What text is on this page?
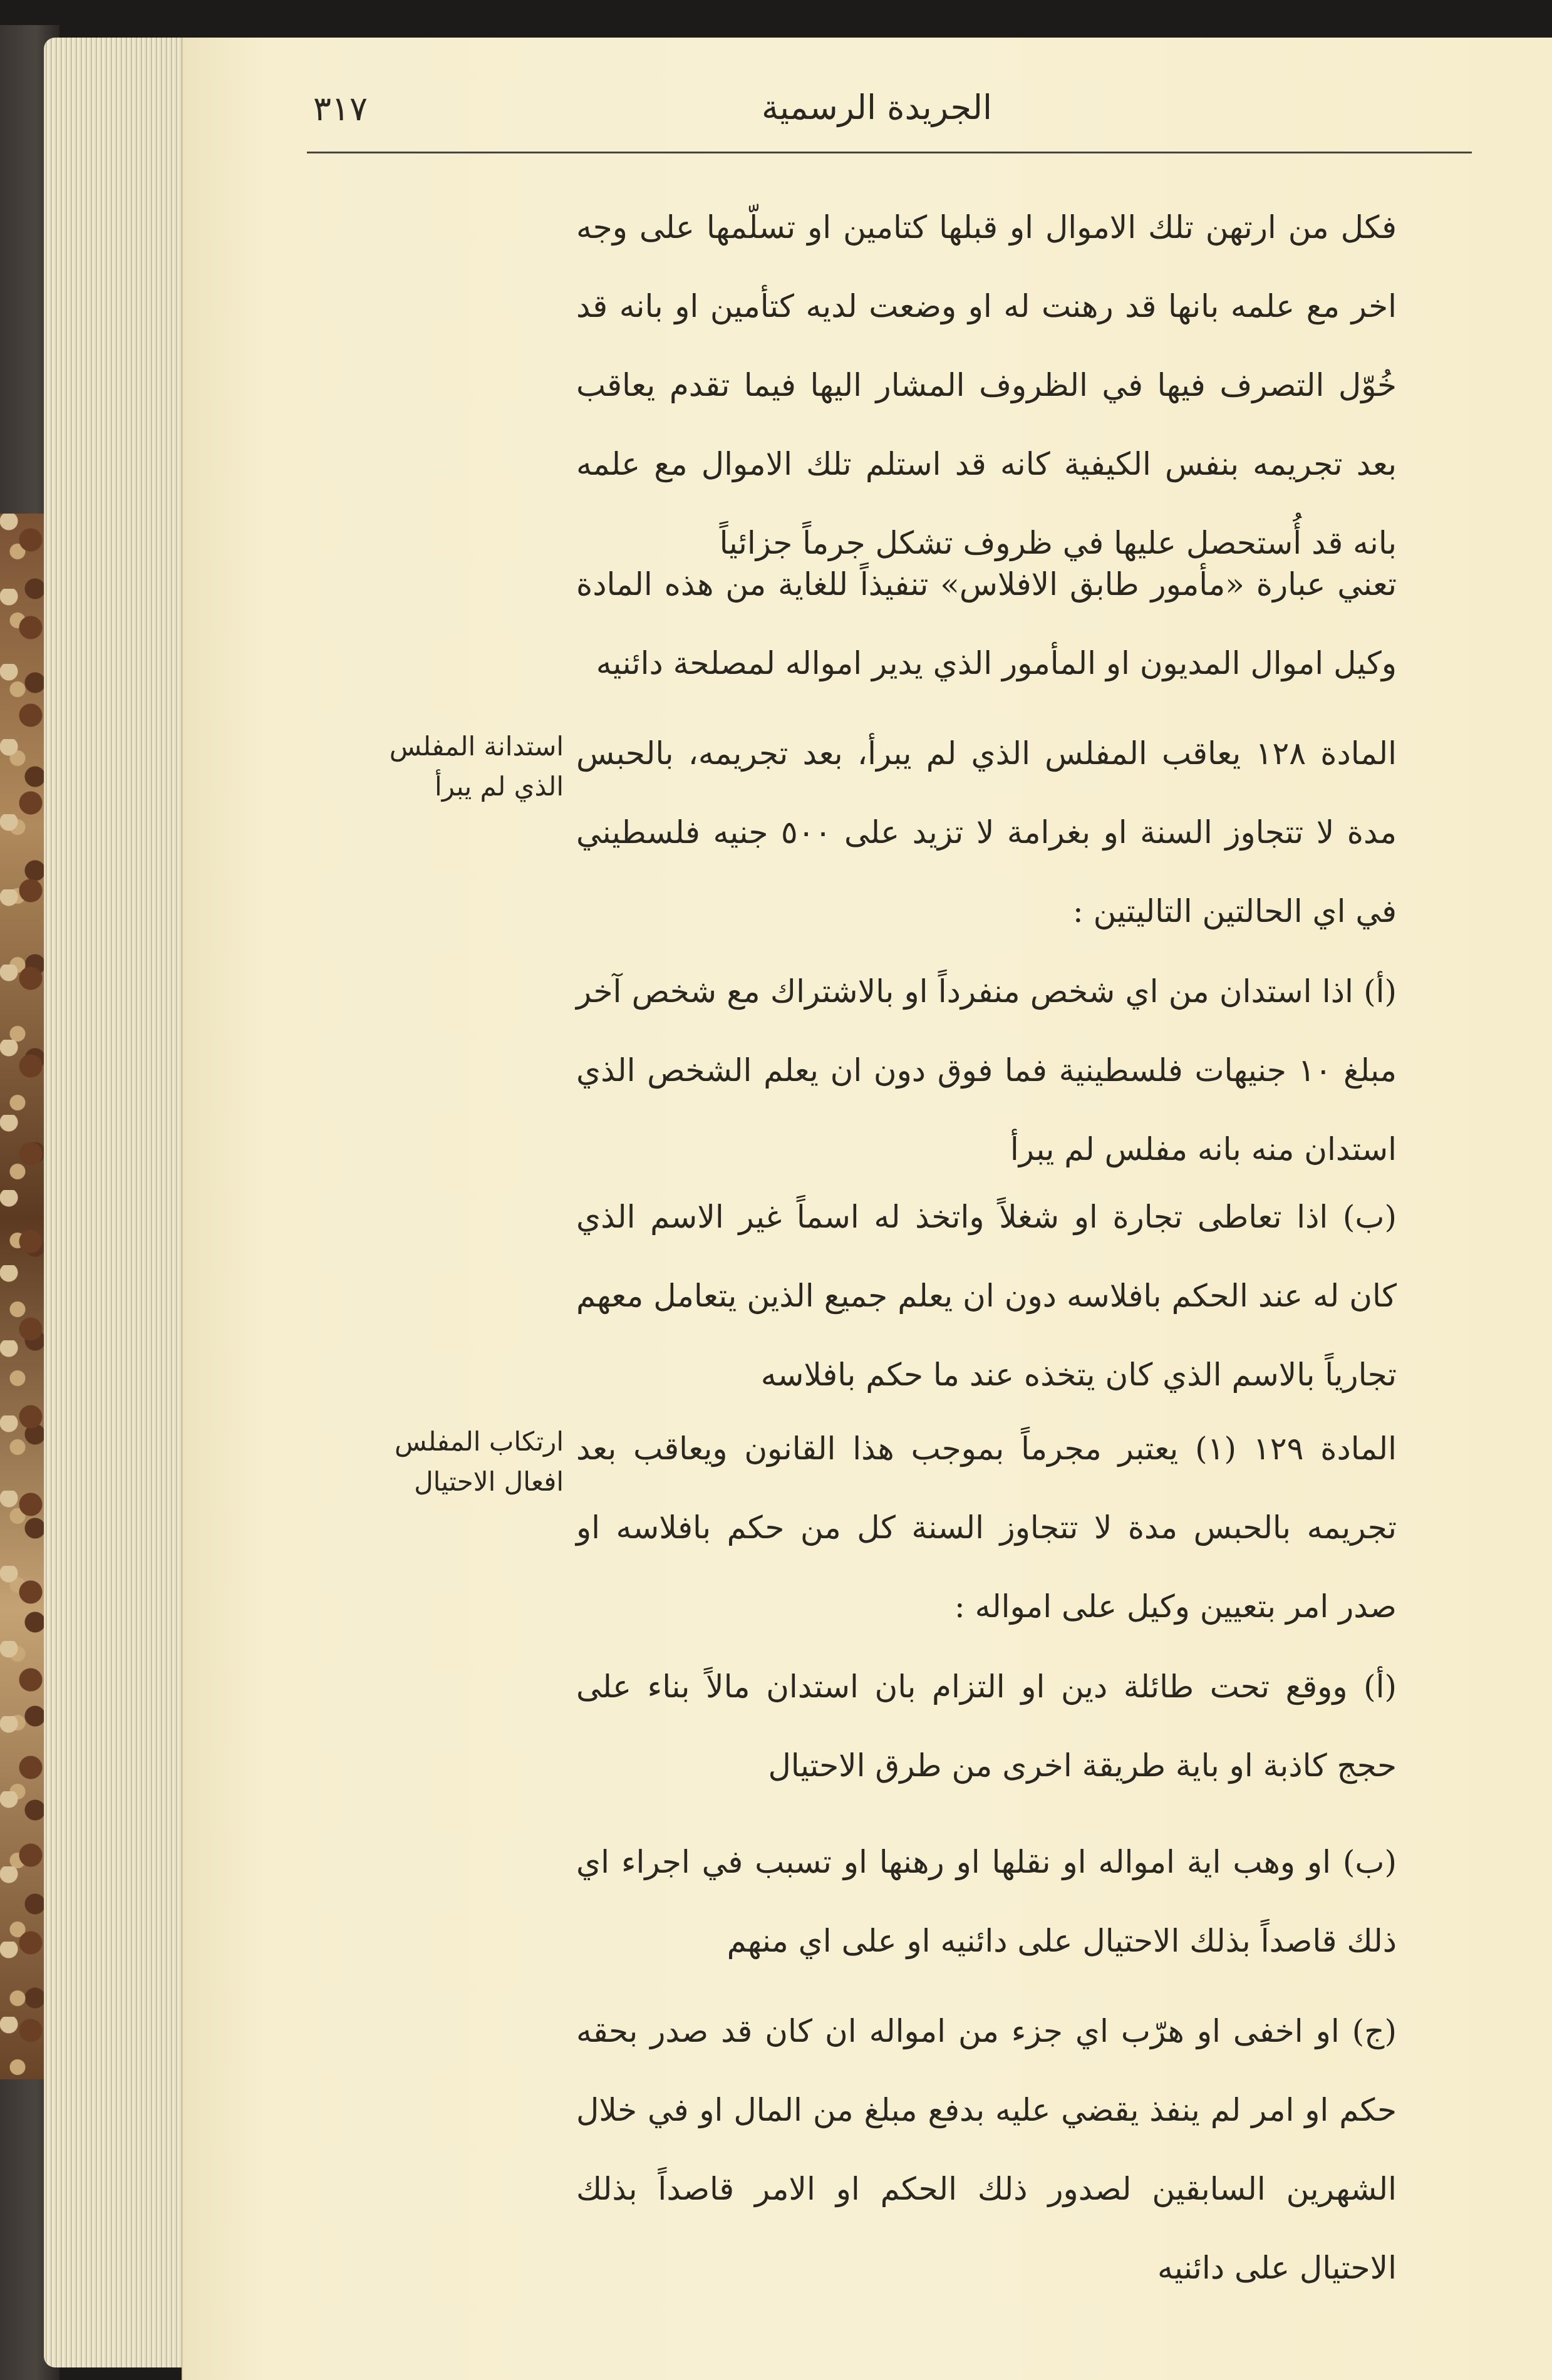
الجريدة الرسمية
٣١٧

فكل من ارتهن تلك الاموال او قبلها كتامين او تسلّمها على وجه اخر مع علمه بانها قد رهنت له او وضعت لديه كتأمين او بانه قد خُوّل التصرف فيها في الظروف المشار اليها فيما تقدم يعاقب بعد تجريمه بنفس الكيفية كانه قد استلم تلك الاموال مع علمه بانه قد أُستحصل عليها في ظروف تشكل جرماً جزائياً

تعني عبارة «مأمور طابق الافلاس» تنفيذاً للغاية من هذه المادة وكيل اموال المديون او المأمور الذي يدير امواله لمصلحة دائنيه

المادة ١٢٨ يعاقب المفلس الذي لم يبرأ، بعد تجريمه، بالحبس مدة لا تتجاوز السنة او بغرامة لا تزيد على ٥٠٠ جنيه فلسطيني في اي الحالتين التاليتين :

(أ) اذا استدان من اي شخص منفرداً او بالاشتراك مع شخص آخر مبلغ ١٠ جنيهات فلسطينية فما فوق دون ان يعلم الشخص الذي استدان منه بانه مفلس لم يبرأ

(ب) اذا تعاطى تجارة او شغلاً واتخذ له اسماً غير الاسم الذي كان له عند الحكم بافلاسه دون ان يعلم جميع الذين يتعامل معهم تجارياً بالاسم الذي كان يتخذه عند ما حكم بافلاسه

المادة ١٢٩ (١) يعتبر مجرماً بموجب هذا القانون ويعاقب بعد تجريمه بالحبس مدة لا تتجاوز السنة كل من حكم بافلاسه او صدر امر بتعيين وكيل على امواله :

(أ) ووقع تحت طائلة دين او التزام بان استدان مالاً بناء على حجج كاذبة او باية طريقة اخرى من طرق الاحتيال

(ب) او وهب اية امواله او نقلها او رهنها او تسبب في اجراء اي ذلك قاصداً بذلك الاحتيال على دائنيه او على اي منهم

(ج) او اخفى او هرّب اي جزء من امواله ان كان قد صدر بحقه حكم او امر لم ينفذ يقضي عليه بدفع مبلغ من المال او في خلال الشهرين السابقين لصدور ذلك الحكم او الامر قاصداً بذلك الاحتيال على دائنيه

استدانة المفلس الذي لم يبرأ
ارتكاب المفلس افعال الاحتيال
